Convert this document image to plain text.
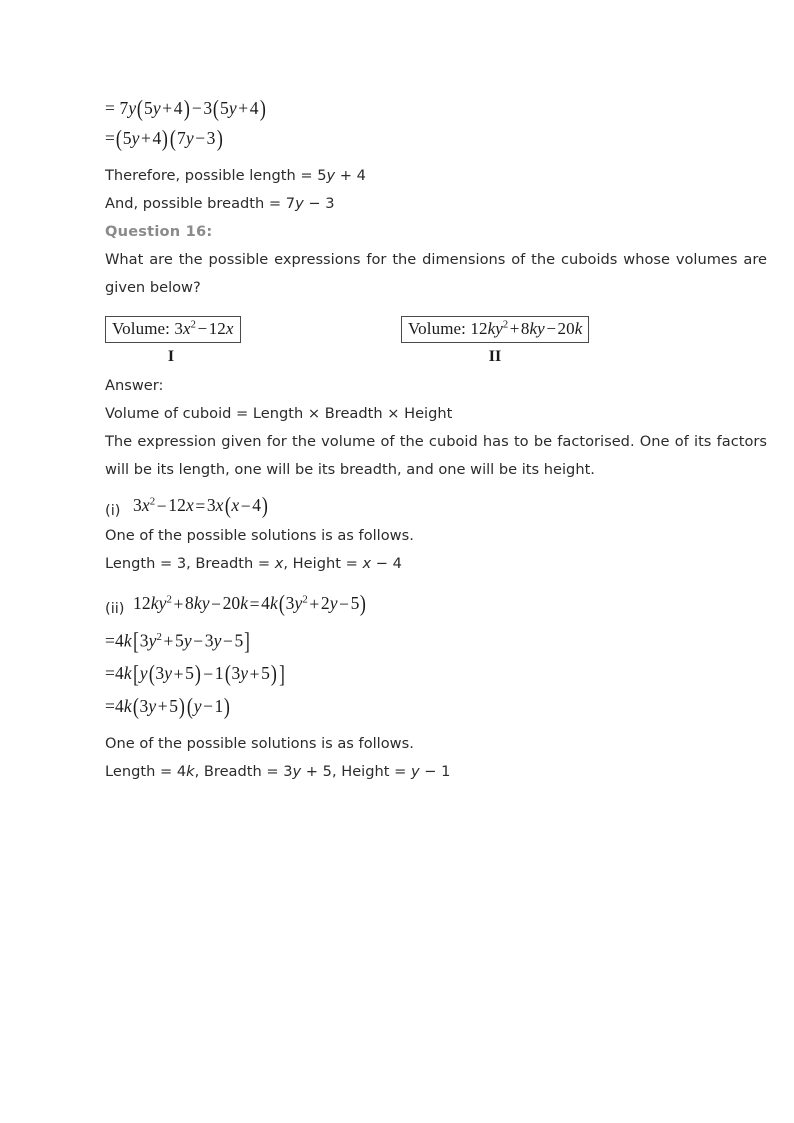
= 7y(5y+4) −3(5y+4)
=(5y+4)(7y−3)

Therefore, possible length = 5y + 4

And, possible breadth = 7y − 3

Question 16:

What are the possible expressions for the dimensions of the cuboids whose volumes are given below?

Volume: $3x^2-12x$
I
Volume: $12ky^2+8ky-20k$
II

Answer:

Volume of cuboid = Length × Breadth × Height

The expression given for the volume of the cuboid has to be factorised. One of its factors will be its length, one will be its breadth, and one will be its height.

(i) $3x^2-12x=3x(x-4)$

One of the possible solutions is as follows.

Length = 3, Breadth = x, Height = x − 4

(ii) $12ky^2+8ky-20k=4k(3y^2+2y-5)$
$=4k[3y^2+5y-3y-5]$
=4k[y(3y+5) −1(3y+5)]
=4k(3y+5)(y−1)

One of the possible solutions is as follows.

Length = 4k, Breadth = 3y + 5, Height = y − 1
